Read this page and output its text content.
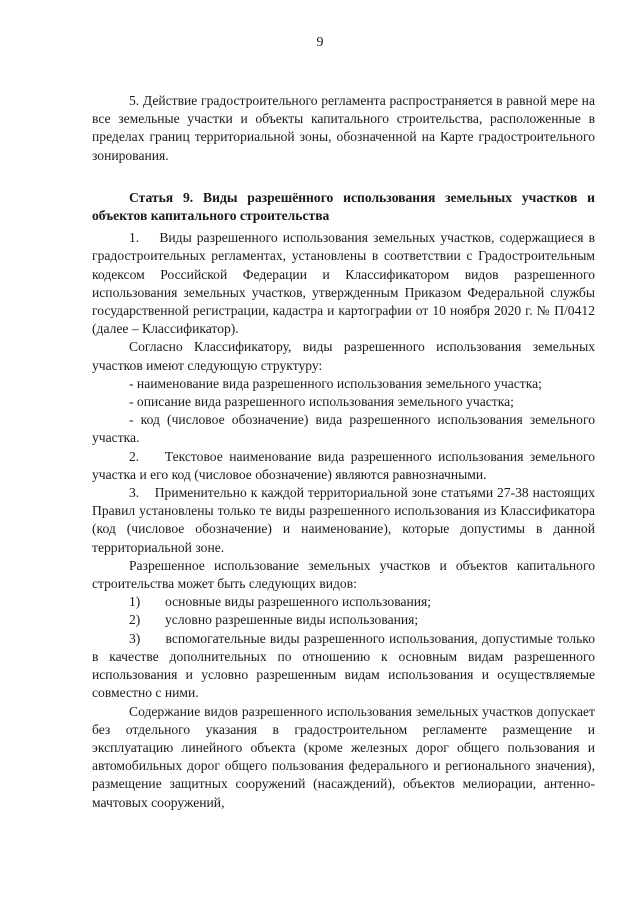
9

5. Действие градостроительного регламента распространяется в равной мере на все земельные участки и объекты капитального строительства, расположенные в пределах границ территориальной зоны, обозначенной на Карте градостроительного зонирования.

Статья 9. Виды разрешённого использования земельных участков и объектов капитального строительства

1.    Виды разрешенного использования земельных участков, содержащиеся в градостроительных регламентах, установлены в соответствии с Градостроительным кодексом Российской Федерации и Классификатором видов разрешенного использования земельных участков, утвержденным Приказом Федеральной службы государственной регистрации, кадастра и картографии от 10 ноября 2020 г. № П/0412 (далее – Классификатор).

Согласно Классификатору, виды разрешенного использования земельных участков имеют следующую структуру:

- наименование вида разрешенного использования земельного участка;

- описание вида разрешенного использования земельного участка;

- код (числовое обозначение) вида разрешенного использования земельного участка.

2.    Текстовое наименование вида разрешенного использования земельного участка и его код (числовое обозначение) являются равнозначными.

3.    Применительно к каждой территориальной зоне статьями 27-38 настоящих Правил установлены только те виды разрешенного использования из Классификатора (код (числовое обозначение) и наименование), которые допустимы в данной территориальной зоне.

Разрешенное использование земельных участков и объектов капитального строительства может быть следующих видов:

1)	основные виды разрешенного использования;
2)	условно разрешенные виды использования;

3) вспомогательные виды разрешенного использования, допустимые только в качестве дополнительных по отношению к основным видам разрешенного использования и условно разрешенным видам использования и осуществляемые совместно с ними.

Содержание видов разрешенного использования земельных участков допускает без отдельного указания в градостроительном регламенте размещение и эксплуатацию линейного объекта (кроме железных дорог общего пользования и автомобильных дорог общего пользования федерального и регионального значения), размещение защитных сооружений (насаждений), объектов мелиорации, антенно-мачтовых сооружений,
